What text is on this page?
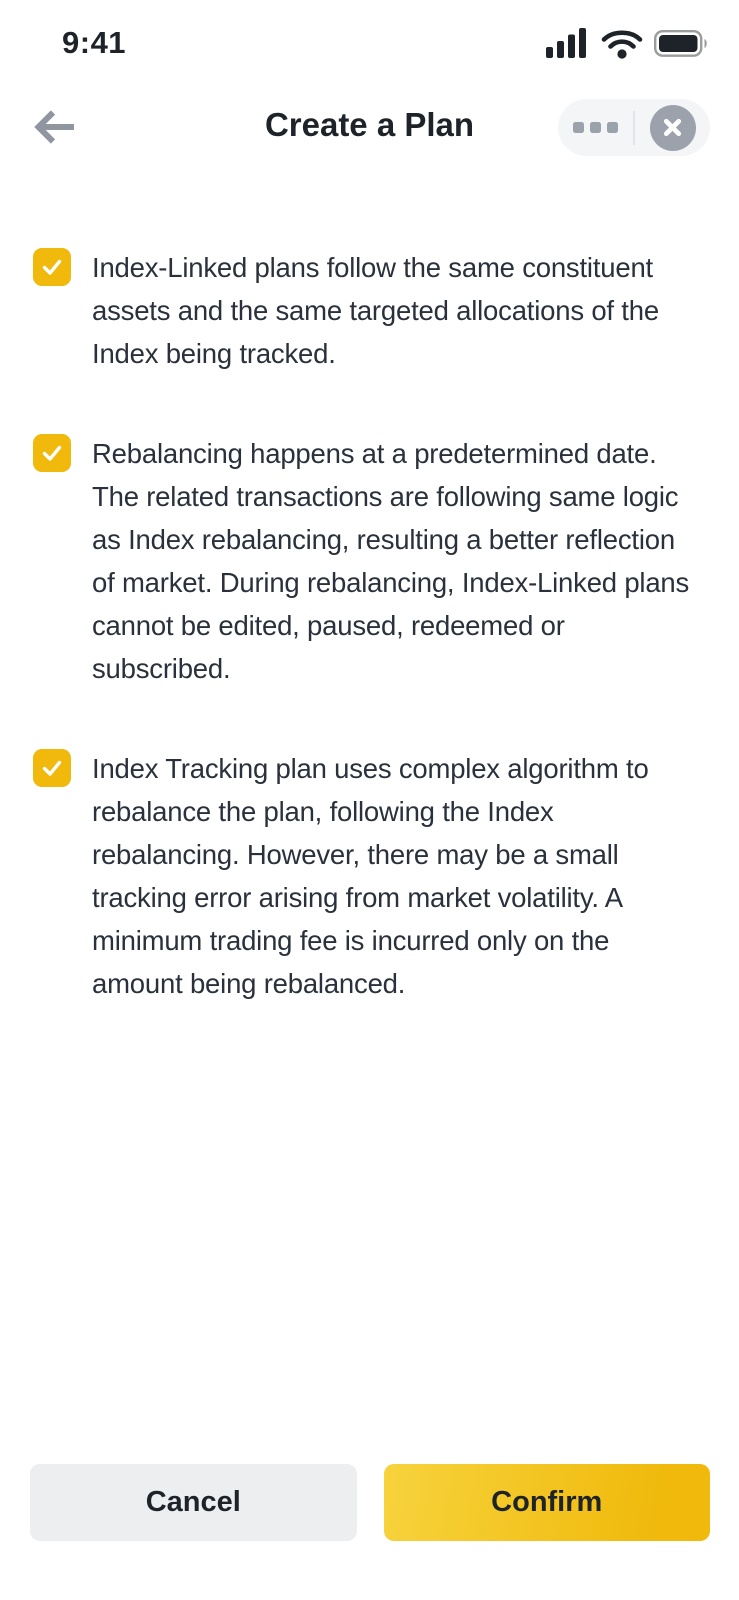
9:41
Create a Plan
Index-Linked plans follow the same constituent assets and the same targeted allocations of the Index being tracked.
Rebalancing happens at a predetermined date. The related transactions are following same logic as Index rebalancing, resulting a better reflection of market. During rebalancing, Index-Linked plans cannot be edited, paused, redeemed or subscribed.
Index Tracking plan uses complex algorithm to rebalance the plan, following the Index rebalancing. However, there may be a small tracking error arising from market volatility. A minimum trading fee is incurred only on the amount being rebalanced.
Cancel	Confirm
